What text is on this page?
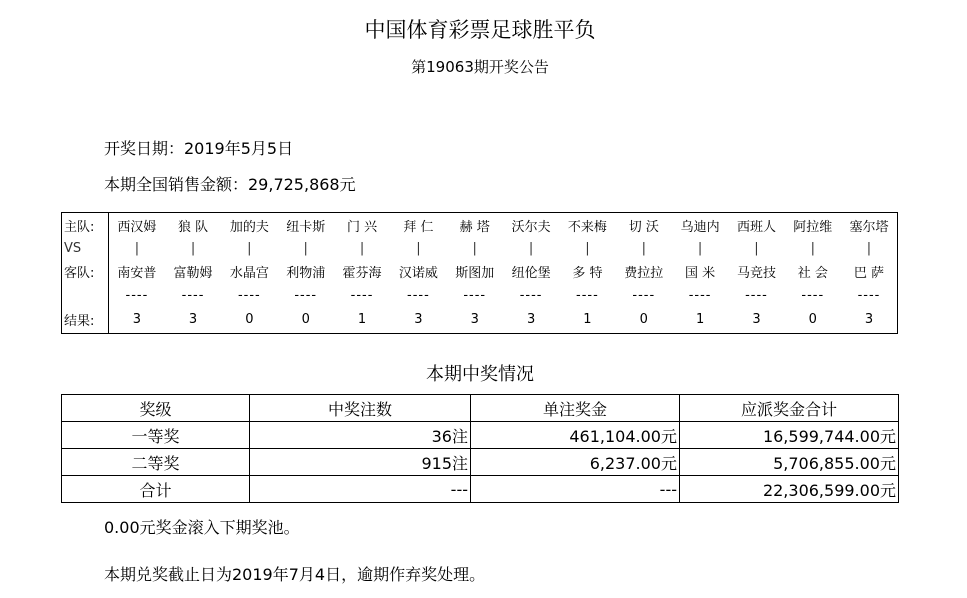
中国体育彩票足球胜平负
第19063期开奖公告
开奖日期：2019年5月5日
本期全国销售金额：29,725,868元
主队:	西汉姆	狼 队	加的夫	纽卡斯	门 兴	拜 仁	赫 塔	沃尔夫	不来梅	切 沃	乌迪内	西班人	阿拉维	塞尔塔
VS	|	|	|	|	|	|	|	|	|	|	|	|	|	|
客队:	南安普	富勒姆	水晶宫	利物浦	霍芬海	汉诺威	斯图加	纽伦堡	多 特	费拉拉	国 米	马竞技	社 会	巴 萨
	----	----	----	----	----	----	----	----	----	----	----	----	----	----
结果:	3	3	0	0	1	3	3	3	1	0	1	3	0	3
本期中奖情况
奖级	中奖注数	单注奖金	应派奖金合计
一等奖	36注	461,104.00元	16,599,744.00元
二等奖	915注	6,237.00元	5,706,855.00元
合计	---	---	22,306,599.00元
0.00元奖金滚入下期奖池。
本期兑奖截止日为2019年7月4日，逾期作弃奖处理。
